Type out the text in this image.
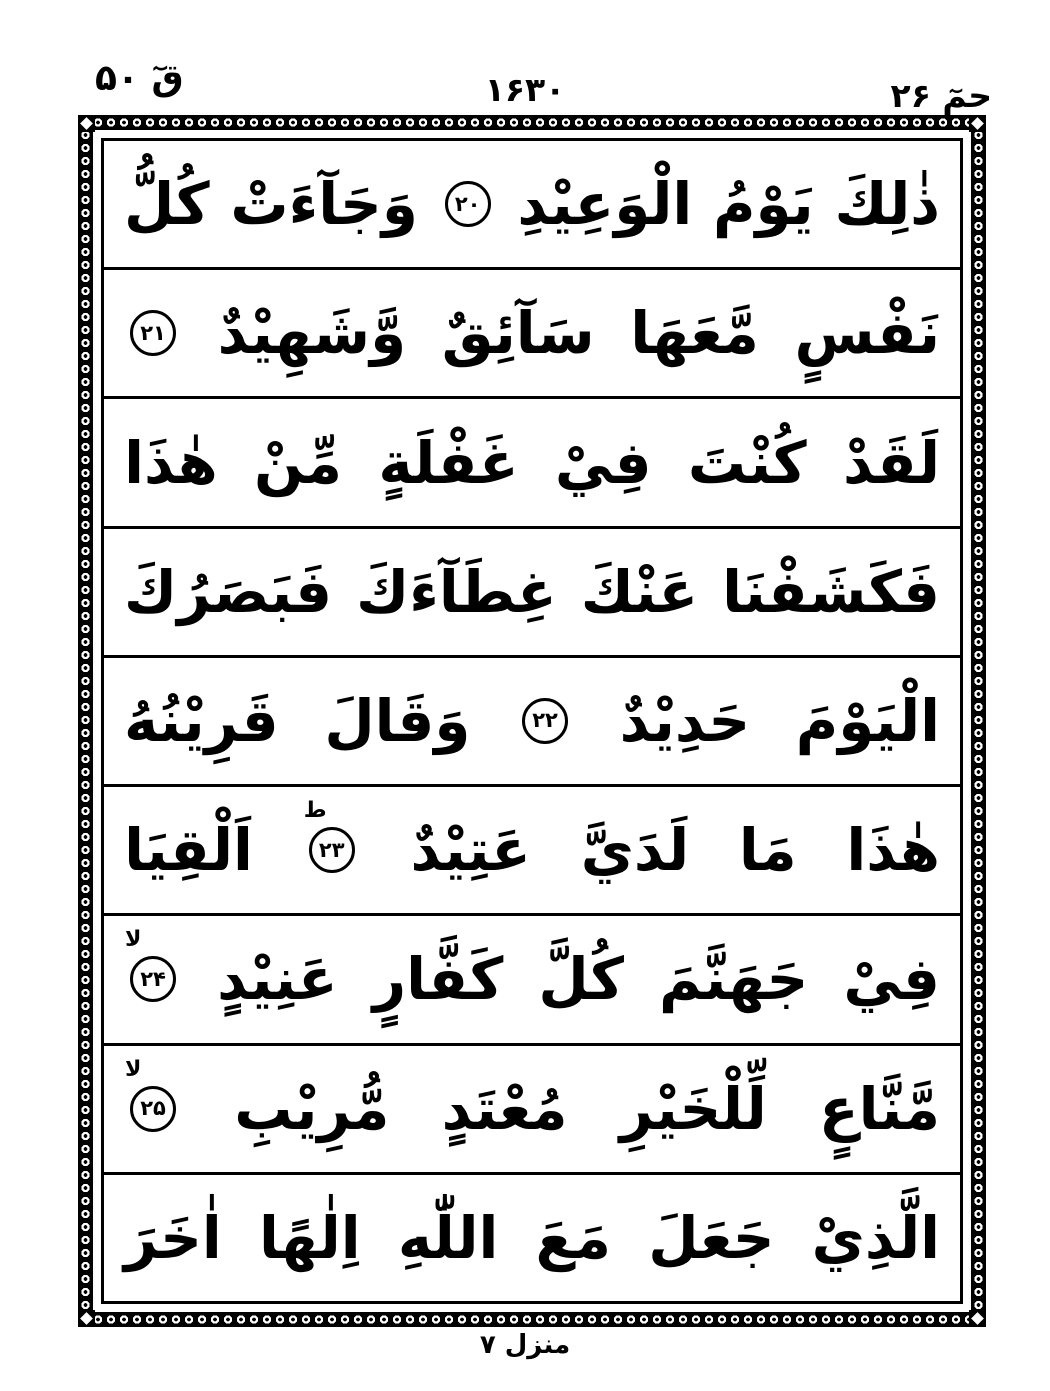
قٓ ۵۰	۱۶۳۰	حمٓ ۲۶
ذٰلِكَ
يَوْمُ
الْوَعِيْدِ
۲۰
وَجَآءَتْ
كُلُّ
نَفْسٍ
مَّعَهَا
سَآئِقٌ
وَّشَهِيْدٌ
۲۱
لَقَدْ
كُنْتَ
فِيْ
غَفْلَةٍ
مِّنْ
هٰذَا
فَكَشَفْنَا
عَنْكَ
غِطَآءَكَ
فَبَصَرُكَ
الْيَوْمَ
حَدِيْدٌ
۲۲
وَقَالَ
قَرِيْنُهُ
هٰذَا
مَا
لَدَيَّ
عَتِيْدٌ
۲۳
ط
اَلْقِيَا
فِيْ
جَهَنَّمَ
كُلَّ
كَفَّارٍ
عَنِيْدٍ
۲۴
لا
مَّنَّاعٍ
لِّلْخَيْرِ
مُعْتَدٍ
مُّرِيْبِ
۲۵
لا
الَّذِيْ
جَعَلَ
مَعَ
اللّٰهِ
اِلٰهًا
اٰخَرَ
منزل ۷
